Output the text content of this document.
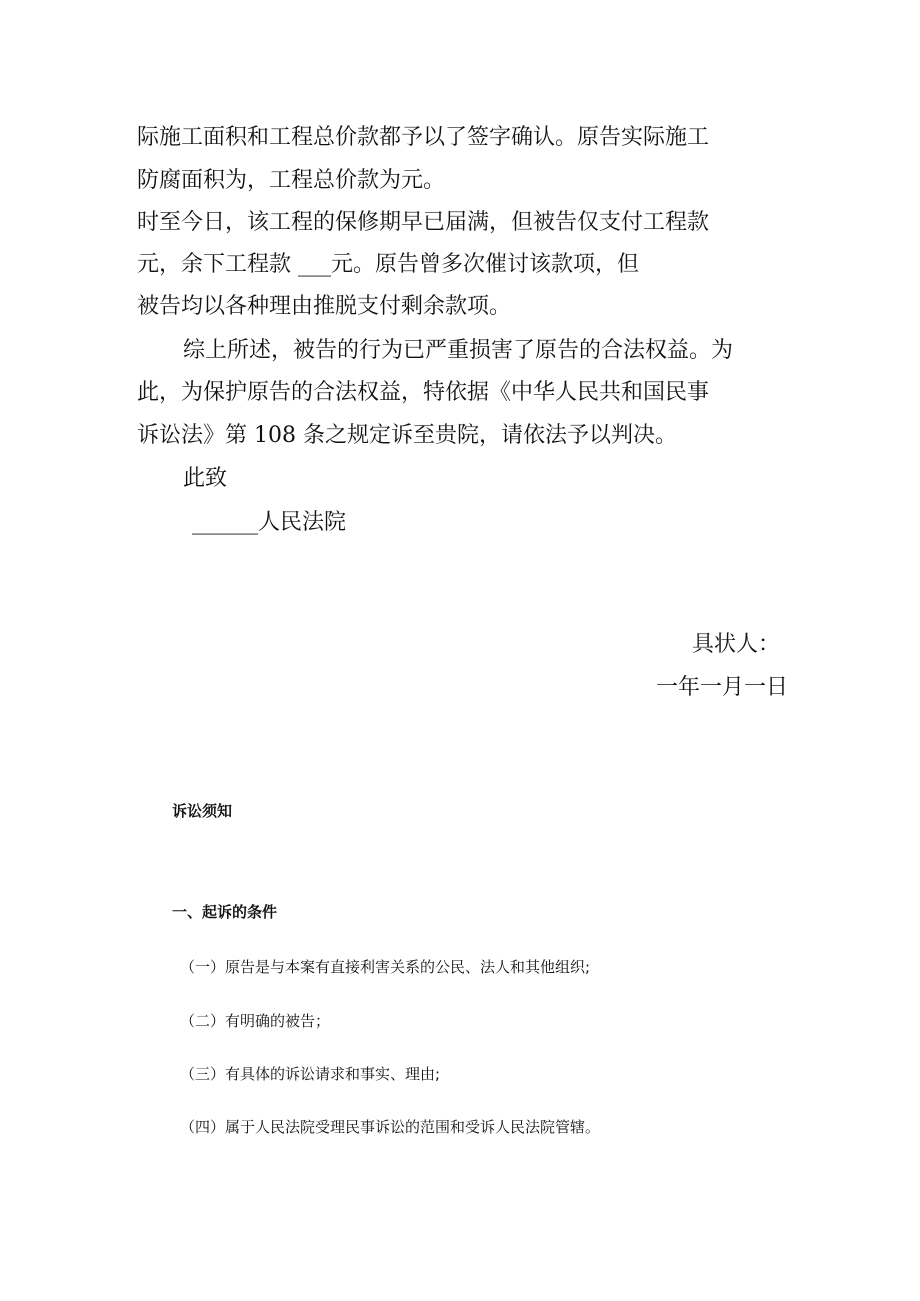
际施工面积和工程总价款都予以了签字确认。原告实际施工

防腐面积为，工程总价款为元。

时至今日，该工程的保修期早已届满，但被告仅支付工程款

元，余下工程款 ___元。原告曾多次催讨该款项，但

被告均以各种理由推脱支付剩余款项。

综上所述，被告的行为已严重损害了原告的合法权益。为

此，为保护原告的合法权益，特依据《中华人民共和国民事

诉讼法》第 108 条之规定诉至贵院，请依法予以判决。

此致

______人民法院

具状人：

一年一月一日

诉讼须知

一、起诉的条件

（一）原告是与本案有直接利害关系的公民、法人和其他组织;

（二）有明确的被告；

（三）有具体的诉讼请求和事实、理由;

（四）属于人民法院受理民事诉讼的范围和受诉人民法院管辖。
